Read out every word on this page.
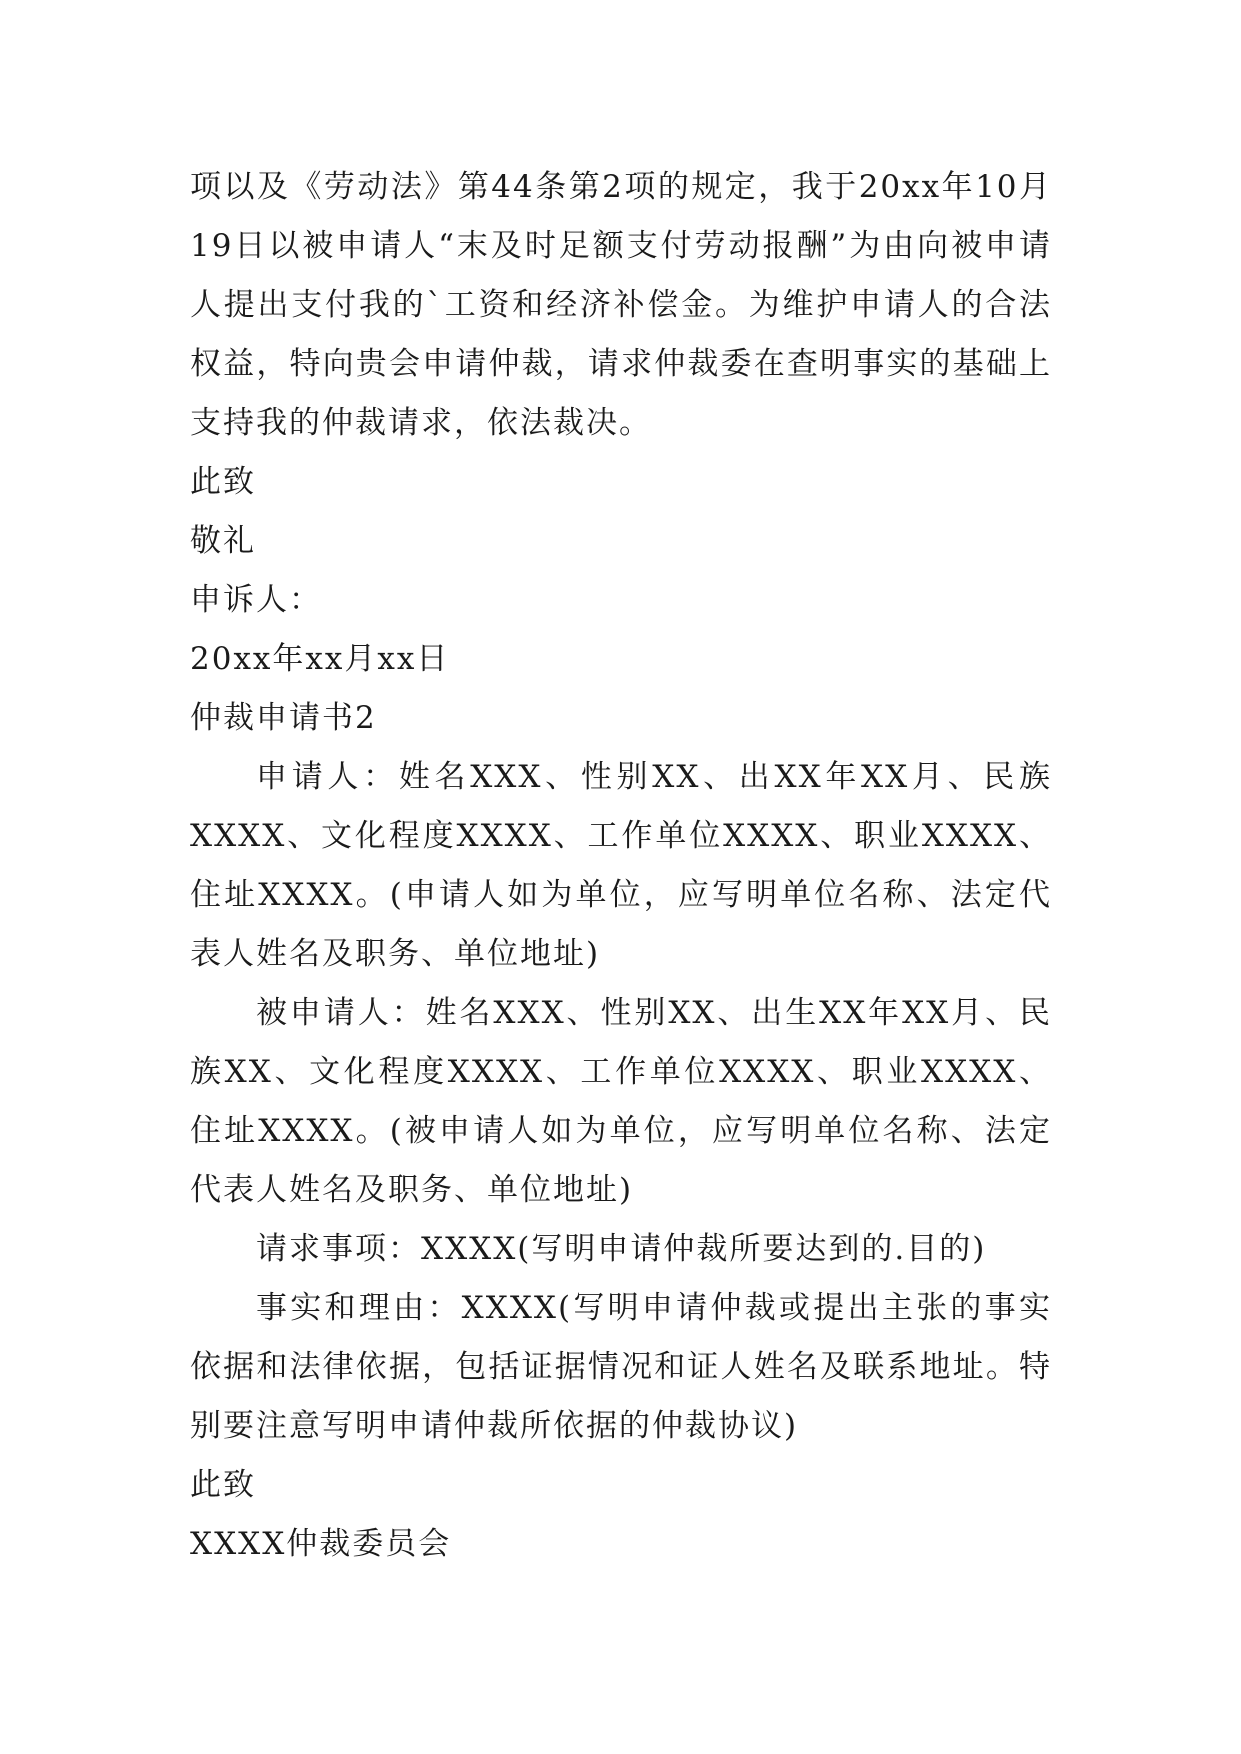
项以及《劳动法》第44条第2项的规定，我于20xx年10月19日以被申请人“末及时足额支付劳动报酬”为由向被申请人提出支付我的`工资和经济补偿金。为维护申请人的合法权益，特向贵会申请仲裁，请求仲裁委在查明事实的基础上支持我的仲裁请求，依法裁决。

此致

敬礼

申诉人：

20xx年xx月xx日

仲裁申请书2

申请人：姓名XXX、性别XX、出XX年XX月、民族XXXX、文化程度XXXX、工作单位XXXX、职业XXXX、住址XXXX。(申请人如为单位，应写明单位名称、法定代表人姓名及职务、单位地址)

被申请人：姓名XXX、性别XX、出生XX年XX月、民族XX、文化程度XXXX、工作单位XXXX、职业XXXX、住址XXXX。(被申请人如为单位，应写明单位名称、法定代表人姓名及职务、单位地址)

请求事项：XXXX(写明申请仲裁所要达到的.目的)

事实和理由：XXXX(写明申请仲裁或提出主张的事实依据和法律依据，包括证据情况和证人姓名及联系地址。特别要注意写明申请仲裁所依据的仲裁协议)

此致

XXXX仲裁委员会
